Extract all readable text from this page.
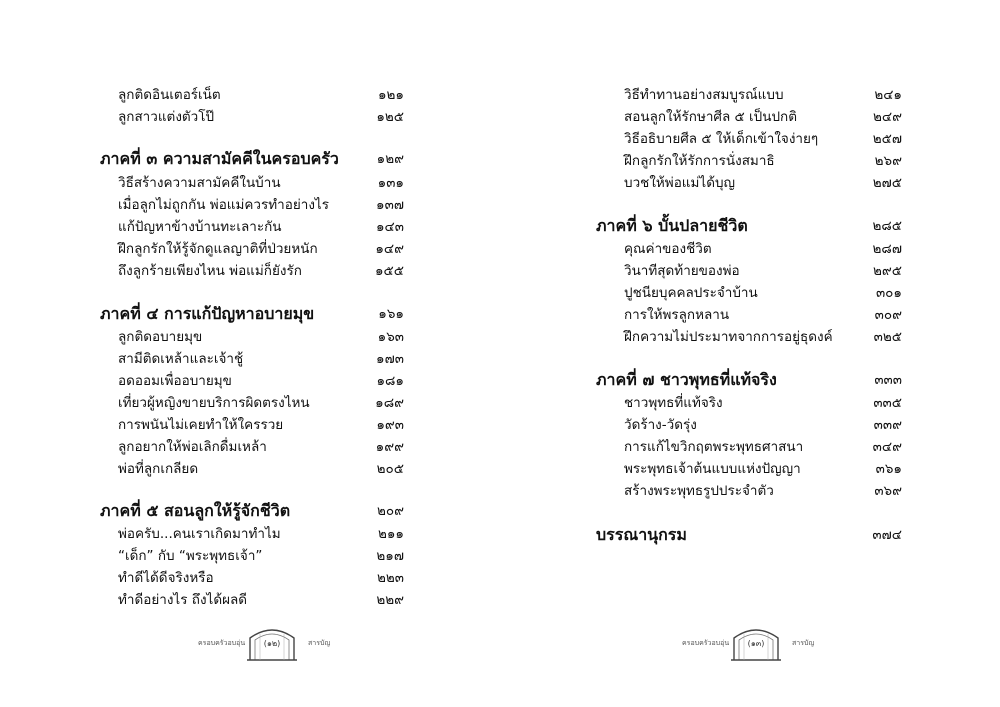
ลูกติดอินเตอร์เน็ต	๑๒๑
ลูกสาวแต่งตัวโป๊	๑๒๕
ภาคที่ ๓ ความสามัคคีในครอบครัว	๑๒๙
วิธีสร้างความสามัคคีในบ้าน	๑๓๑
เมื่อลูกไม่ถูกกัน พ่อแม่ควรทำอย่างไร	๑๓๗
แก้ปัญหาข้างบ้านทะเลาะกัน	๑๔๓
ฝึกลูกรักให้รู้จักดูแลญาติที่ป่วยหนัก	๑๔๙
ถึงลูกร้ายเพียงไหน พ่อแม่ก็ยังรัก	๑๕๕
ภาคที่ ๔ การแก้ปัญหาอบายมุข	๑๖๑
ลูกติดอบายมุข	๑๖๓
สามีติดเหล้าและเจ้าชู้	๑๗๓
อดออมเพื่ออบายมุข	๑๘๑
เที่ยวผู้หญิงขายบริการผิดตรงไหน	๑๘๙
การพนันไม่เคยทำให้ใครรวย	๑๙๓
ลูกอยากให้พ่อเลิกดื่มเหล้า	๑๙๙
พ่อที่ลูกเกลียด	๒๐๕
ภาคที่ ๕ สอนลูกให้รู้จักชีวิต	๒๐๙
พ่อครับ...คนเราเกิดมาทำไม	๒๑๑
“เด็ก” กับ “พระพุทธเจ้า”	๒๑๗
ทำดีได้ดีจริงหรือ	๒๒๓
ทำดีอย่างไร ถึงได้ผลดี	๒๒๙
ครอบครัวอบอุ่น	(๑๒)	สารบัญ
วิธีทำทานอย่างสมบูรณ์แบบ	๒๔๑
สอนลูกให้รักษาศีล ๕ เป็นปกติ	๒๔๙
วิธีอธิบายศีล ๕ ให้เด็กเข้าใจง่ายๆ	๒๕๗
ฝึกลูกรักให้รักการนั่งสมาธิ	๒๖๙
บวชให้พ่อแม่ได้บุญ	๒๗๕
ภาคที่ ๖ บั้นปลายชีวิต	๒๘๕
คุณค่าของชีวิต	๒๘๗
วินาทีสุดท้ายของพ่อ	๒๙๕
ปูชนียบุคคลประจำบ้าน	๓๐๑
การให้พรลูกหลาน	๓๐๙
ฝึกความไม่ประมาทจากการอยู่ธุดงค์	๓๒๕
ภาคที่ ๗ ชาวพุทธที่แท้จริง	๓๓๓
ชาวพุทธที่แท้จริง	๓๓๕
วัดร้าง-วัดรุ่ง	๓๓๙
การแก้ไขวิกฤตพระพุทธศาสนา	๓๔๙
พระพุทธเจ้าต้นแบบแห่งปัญญา	๓๖๑
สร้างพระพุทธรูปประจำตัว	๓๖๙
บรรณานุกรม	๓๗๔
ครอบครัวอบอุ่น	(๑๓)	สารบัญ
